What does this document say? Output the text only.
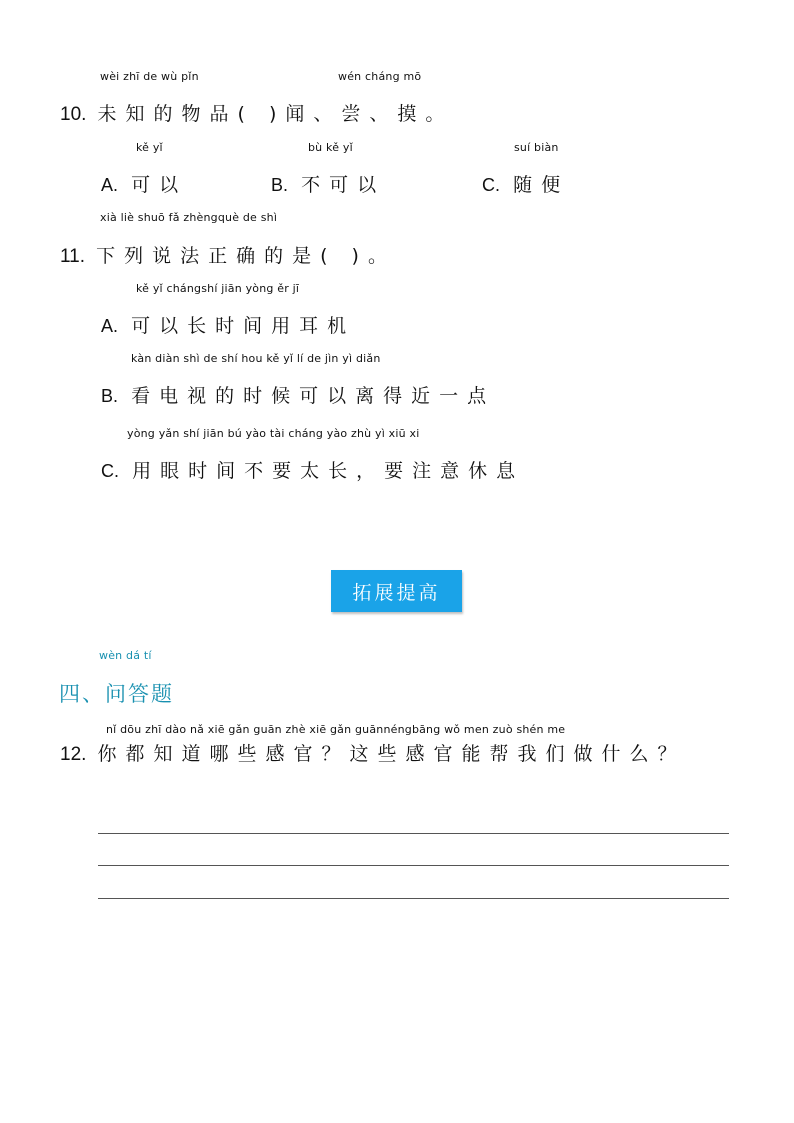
wèi zhī de wù pǐn	wén cháng mō
10. 未知的物品( )闻、尝、摸。
kě yǐ	bù kě yǐ	suí biàn
A. 可以	B. 不可以	C. 随便
xià liè shuō fǎ zhèngquè de shì
11. 下列说法正确的是( )。
kě yǐ chángshí jiān yòng ěr jī
A. 可以长时间用耳机
kàn diàn shì de shí hou kě yǐ lí de jìn yì diǎn
B. 看电视的时候可以离得近一点
yòng yǎn shí jiān bú yào tài cháng yào zhù yì xiū xi
C. 用眼时间不要太长，要注意休息
拓展提高
wèn dá tí
四、问答题
nǐ dōu zhī dào nǎ xiē gǎn guān zhè xiē gǎn guānnéngbāng wǒ men zuò shén me
12. 你都知道哪些感官？这些感官能帮我们做什么？
